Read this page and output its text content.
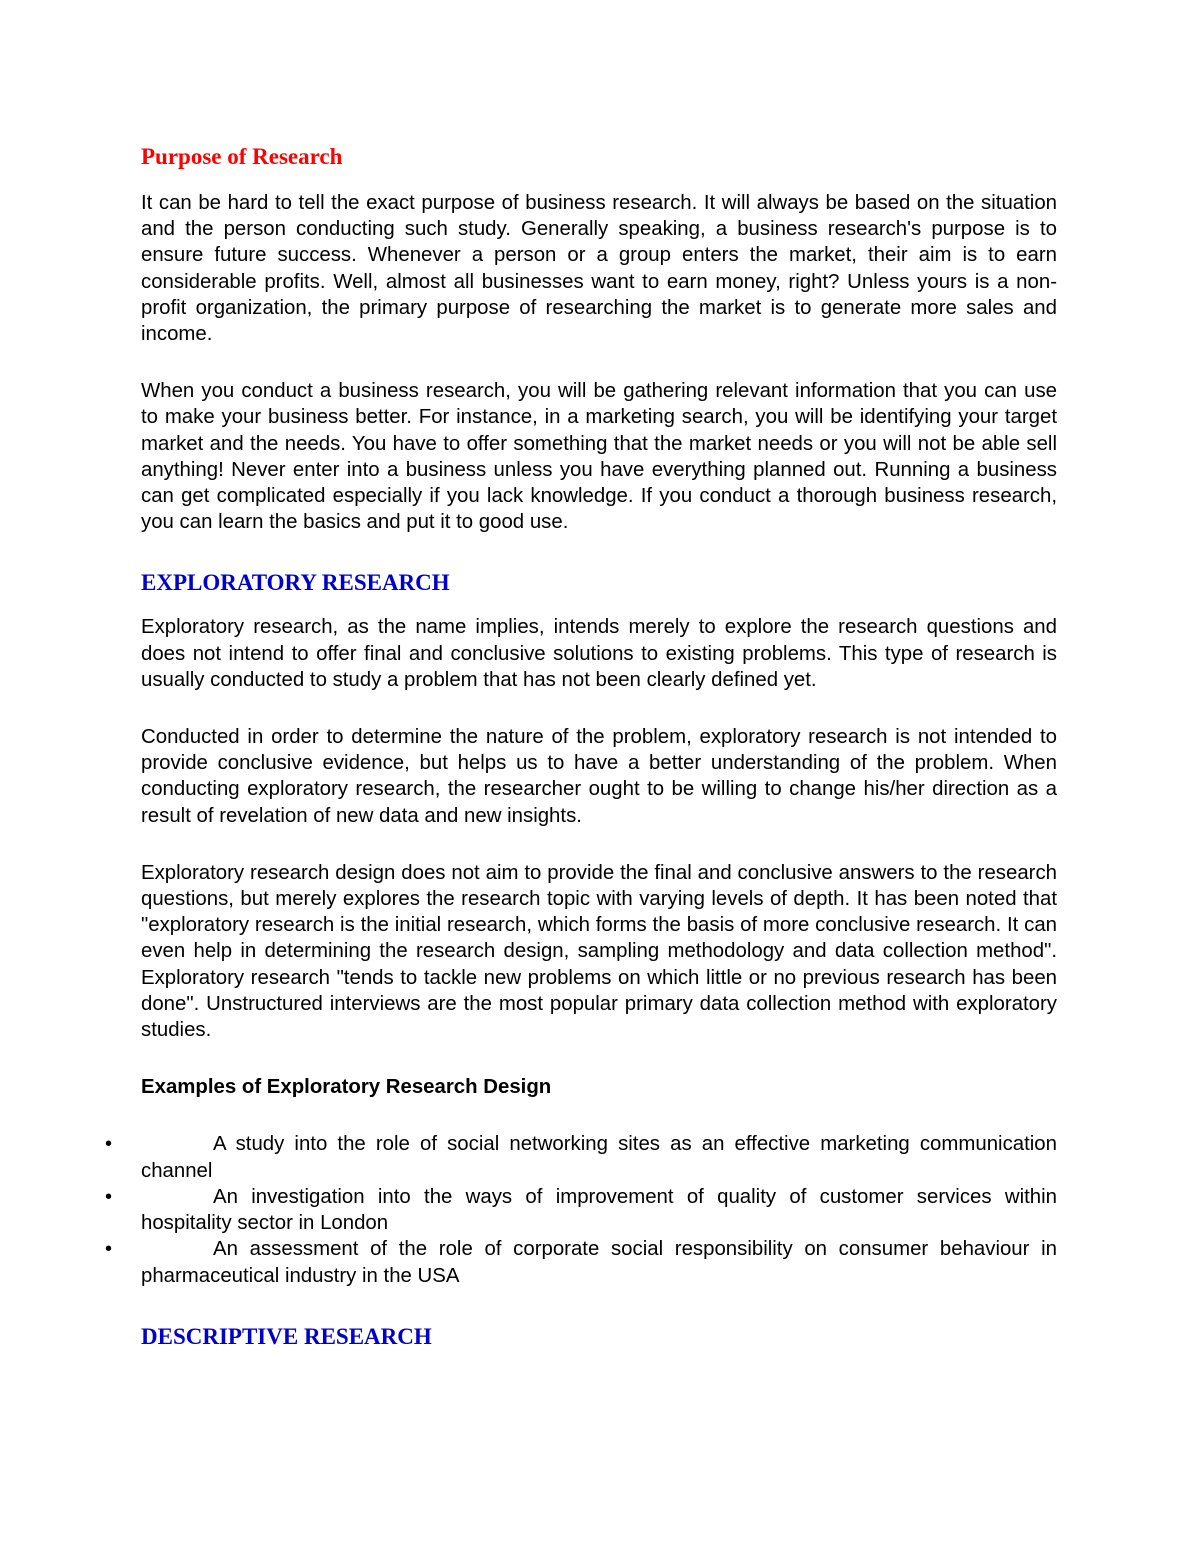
Purpose of Research

It can be hard to tell the exact purpose of business research. It will always be based on the situation and the person conducting such study. Generally speaking, a business research's purpose is to ensure future success. Whenever a person or a group enters the market, their aim is to earn considerable profits. Well, almost all businesses want to earn money, right? Unless yours is a non-profit organization, the primary purpose of researching the market is to generate more sales and income.

When you conduct a business research, you will be gathering relevant information that you can use to make your business better. For instance, in a marketing search, you will be identifying your target market and the needs. You have to offer something that the market needs or you will not be able sell anything! Never enter into a business unless you have everything planned out. Running a business can get complicated especially if you lack knowledge. If you conduct a thorough business research, you can learn the basics and put it to good use.

EXPLORATORY RESEARCH

Exploratory research, as the name implies, intends merely to explore the research questions and does not intend to offer final and conclusive solutions to existing problems. This type of research is usually conducted to study a problem that has not been clearly defined yet.

Conducted in order to determine the nature of the problem, exploratory research is not intended to provide conclusive evidence, but helps us to have a better understanding of the problem. When conducting exploratory research, the researcher ought to be willing to change his/her direction as a result of revelation of new data and new insights.

Exploratory research design does not aim to provide the final and conclusive answers to the research questions, but merely explores the research topic with varying levels of depth. It has been noted that "exploratory research is the initial research, which forms the basis of more conclusive research. It can even help in determining the research design, sampling methodology and data collection method". Exploratory research "tends to tackle new problems on which little or no previous research has been done". Unstructured interviews are the most popular primary data collection method with exploratory studies.

Examples of Exploratory Research Design

•	A study into the role of social networking sites as an effective marketing communication channel
•	An investigation into the ways of improvement of quality of customer services within hospitality sector in London
•	An assessment of the role of corporate social responsibility on consumer behaviour in pharmaceutical industry in the USA
DESCRIPTIVE RESEARCH
